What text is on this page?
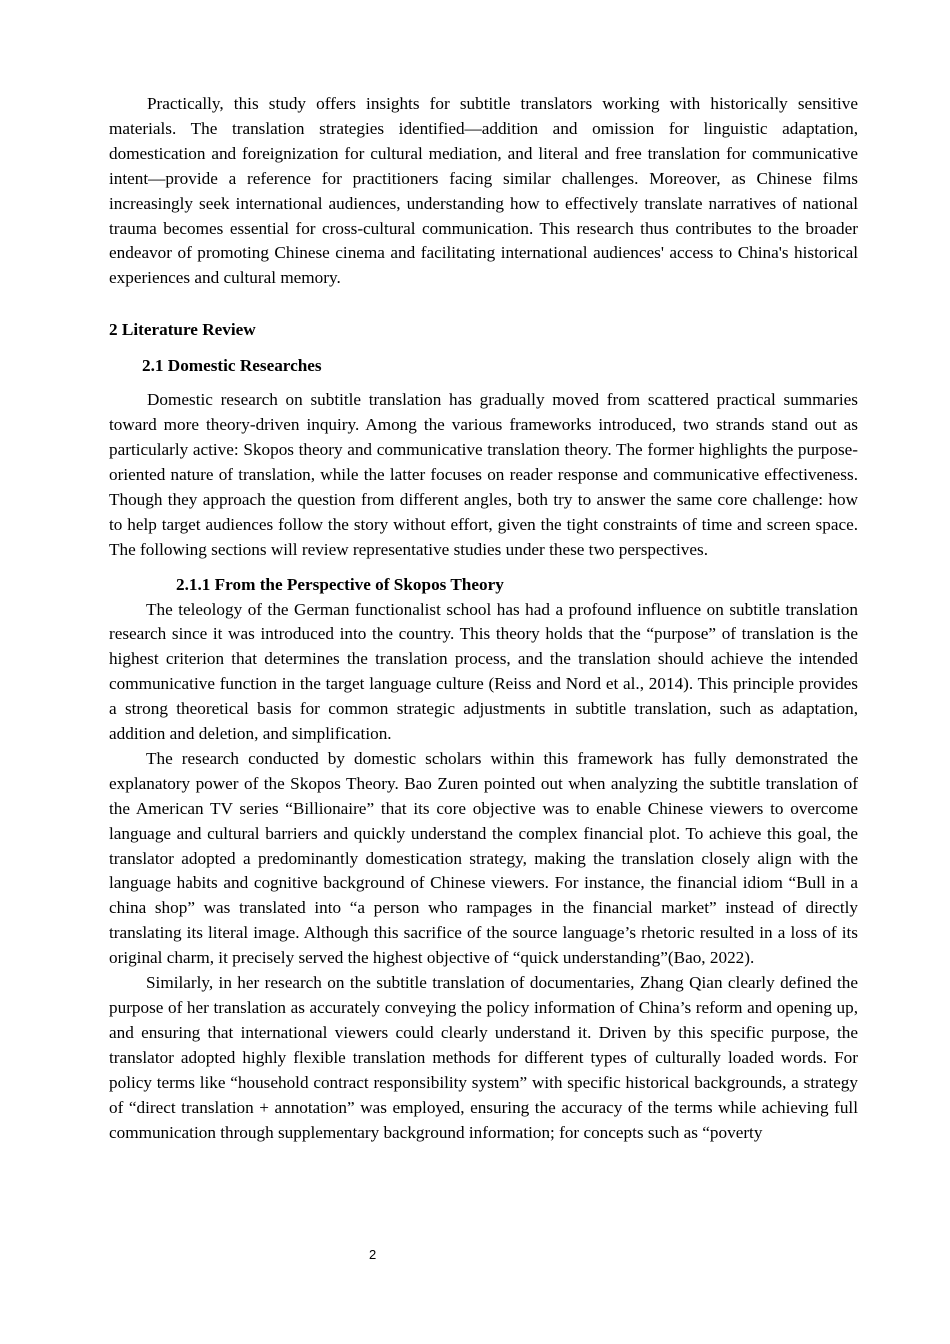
Practically, this study offers insights for subtitle translators working with historically sensitive materials. The translation strategies identified—addition and omission for linguistic adaptation, domestication and foreignization for cultural mediation, and literal and free translation for communicative intent—provide a reference for practitioners facing similar challenges. Moreover, as Chinese films increasingly seek international audiences, understanding how to effectively translate narratives of national trauma becomes essential for cross-cultural communication. This research thus contributes to the broader endeavor of promoting Chinese cinema and facilitating international audiences' access to China's historical experiences and cultural memory.

2 Literature Review
2.1 Domestic Researches

Domestic research on subtitle translation has gradually moved from scattered practical summaries toward more theory-driven inquiry. Among the various frameworks introduced, two strands stand out as particularly active: Skopos theory and communicative translation theory. The former highlights the purpose-oriented nature of translation, while the latter focuses on reader response and communicative effectiveness. Though they approach the question from different angles, both try to answer the same core challenge: how to help target audiences follow the story without effort, given the tight constraints of time and screen space. The following sections will review representative studies under these two perspectives.

2.1.1 From the Perspective of Skopos Theory

The teleology of the German functionalist school has had a profound influence on subtitle translation research since it was introduced into the country. This theory holds that the “purpose” of translation is the highest criterion that determines the translation process, and the translation should achieve the intended communicative function in the target language culture (Reiss and Nord et al., 2014). This principle provides a strong theoretical basis for common strategic adjustments in subtitle translation, such as adaptation, addition and deletion, and simplification.

The research conducted by domestic scholars within this framework has fully demonstrated the explanatory power of the Skopos Theory. Bao Zuren pointed out when analyzing the subtitle translation of the American TV series “Billionaire” that its core objective was to enable Chinese viewers to overcome language and cultural barriers and quickly understand the complex financial plot. To achieve this goal, the translator adopted a predominantly domestication strategy, making the translation closely align with the language habits and cognitive background of Chinese viewers. For instance, the financial idiom “Bull in a china shop” was translated into “a person who rampages in the financial market” instead of directly translating its literal image. Although this sacrifice of the source language’s rhetoric resulted in a loss of its original charm, it precisely served the highest objective of “quick understanding”(Bao, 2022).

Similarly, in her research on the subtitle translation of documentaries, Zhang Qian clearly defined the purpose of her translation as accurately conveying the policy information of China’s reform and opening up, and ensuring that international viewers could clearly understand it. Driven by this specific purpose, the translator adopted highly flexible translation methods for different types of culturally loaded words. For policy terms like “household contract responsibility system” with specific historical backgrounds, a strategy of “direct translation + annotation” was employed, ensuring the accuracy of the terms while achieving full communication through supplementary background information; for concepts such as “poverty

2
